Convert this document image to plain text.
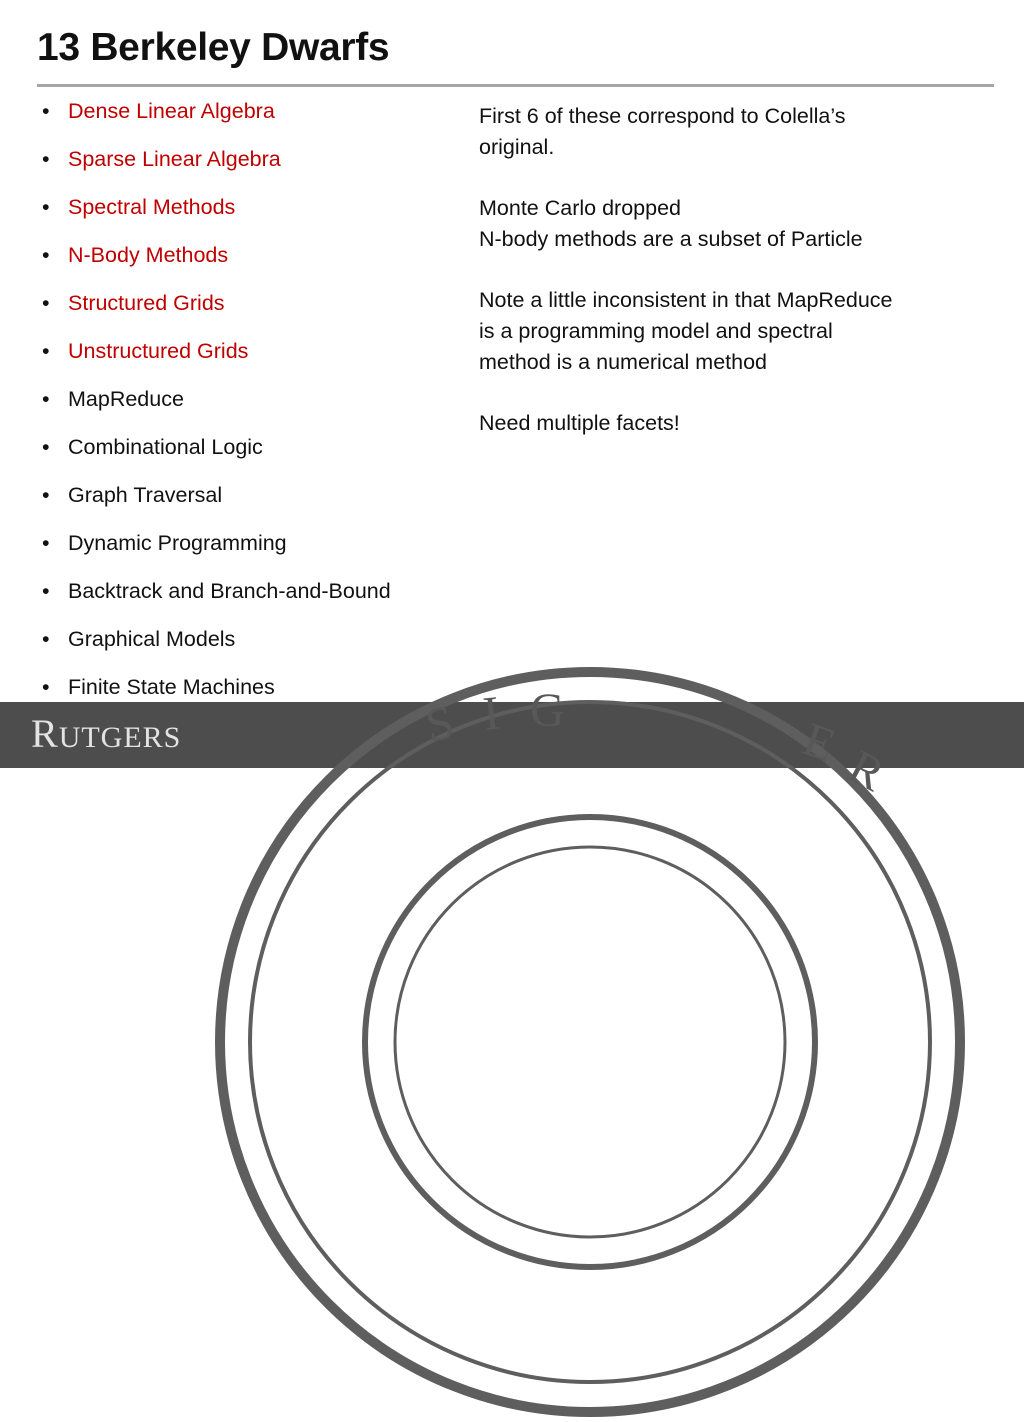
13 Berkeley Dwarfs
• Dense Linear Algebra
• Sparse Linear Algebra
• Spectral Methods
• N-Body Methods
• Structured Grids
• Unstructured Grids
• MapReduce
• Combinational Logic
• Graph Traversal
• Dynamic Programming
• Backtrack and Branch-and-Bound
• Graphical Models
• Finite State Machines

First 6 of these correspond to Colella’s
original.

Monte Carlo dropped
N-body methods are a subset of Particle

Note a little inconsistent in that MapReduce
is a programming model and spectral
method is a numerical method

Need multiple facets!

S I G
E
R
RUTGERS
